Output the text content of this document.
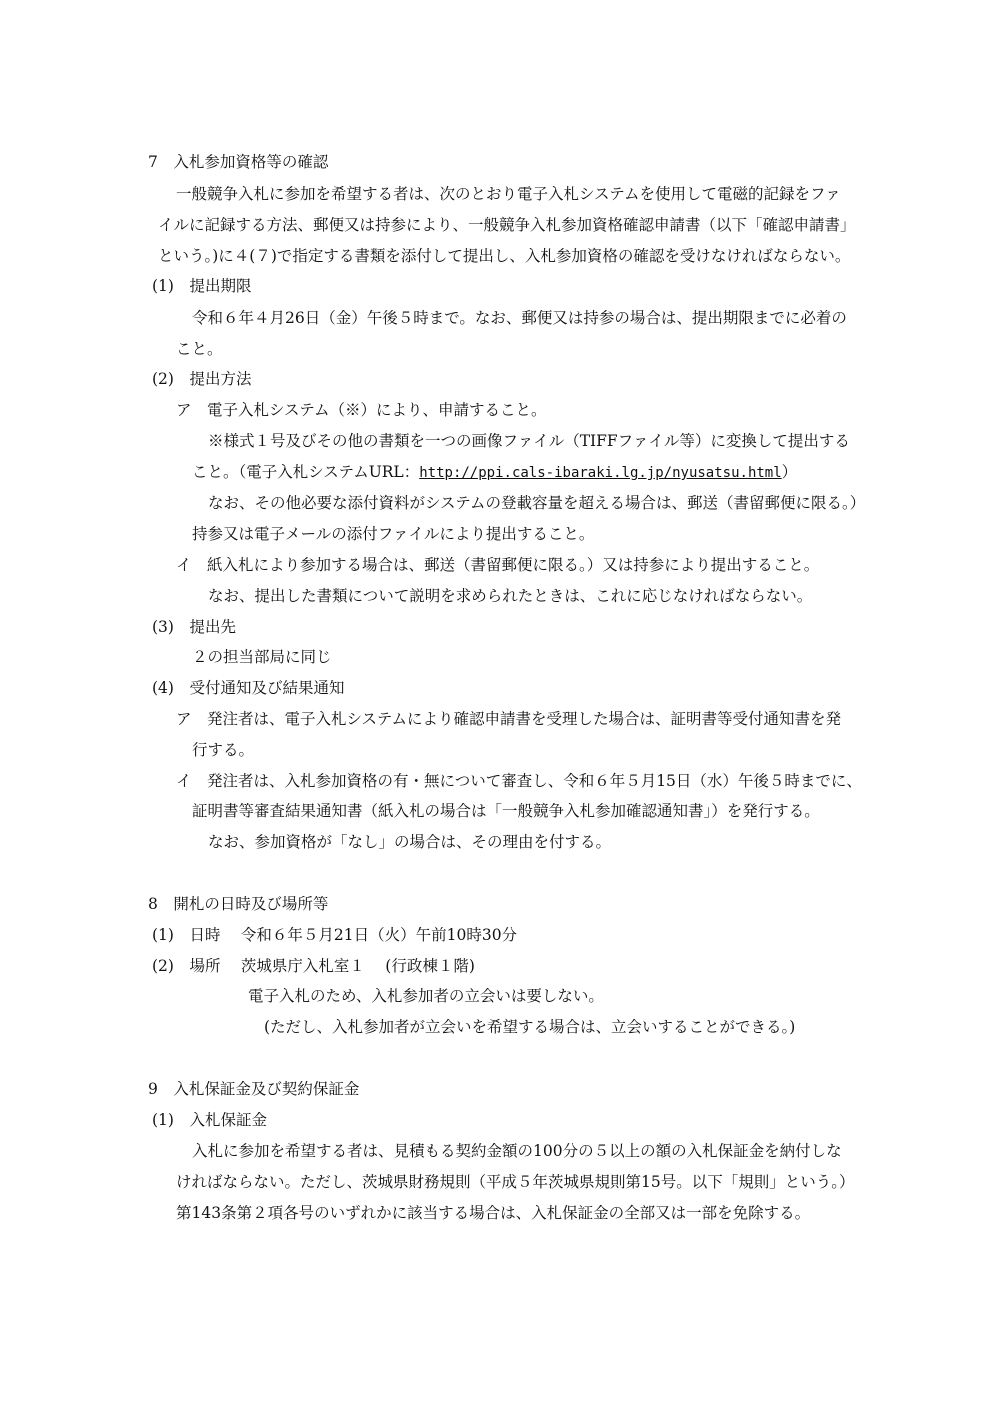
7　入札参加資格等の確認
一般競争入札に参加を希望する者は、次のとおり電子入札システムを使用して電磁的記録をファ
イルに記録する方法、郵便又は持参により、一般競争入札参加資格確認申請書（以下「確認申請書」
という。)に４(７)で指定する書類を添付して提出し、入札参加資格の確認を受けなければならない。
(1)　提出期限
令和６年４月26日（金）午後５時まで。なお、郵便又は持参の場合は、提出期限までに必着の
こと。
(2)　提出方法
ア　電子入札システム（※）により、申請すること。
※様式１号及びその他の書類を一つの画像ファイル（TIFFファイル等）に変換して提出する
こと。（電子入札システムURL：http://ppi.cals-ibaraki.lg.jp/nyusatsu.html）
なお、その他必要な添付資料がシステムの登載容量を超える場合は、郵送（書留郵便に限る。）
持参又は電子メールの添付ファイルにより提出すること。
イ　紙入札により参加する場合は、郵送（書留郵便に限る。）又は持参により提出すること。
なお、提出した書類について説明を求められたときは、これに応じなければならない。
(3)　提出先
２の担当部局に同じ
(4)　受付通知及び結果通知
ア　発注者は、電子入札システムにより確認申請書を受理した場合は、証明書等受付通知書を発
行する。
イ　発注者は、入札参加資格の有・無について審査し、令和６年５月15日（水）午後５時までに、
証明書等審査結果通知書（紙入札の場合は「一般競争入札参加確認通知書」）を発行する。
なお、参加資格が「なし」の場合は、その理由を付する。
8　開札の日時及び場所等
(1)　日時　 令和６年５月21日（火）午前10時30分
(2)　場所　 茨城県庁入札室１　 (行政棟１階)
電子入札のため、入札参加者の立会いは要しない。
(ただし、入札参加者が立会いを希望する場合は、立会いすることができる。)
9　入札保証金及び契約保証金
(1)　入札保証金
入札に参加を希望する者は、見積もる契約金額の100分の５以上の額の入札保証金を納付しな
ければならない。ただし、茨城県財務規則（平成５年茨城県規則第15号。以下「規則」という。）
第143条第２項各号のいずれかに該当する場合は、入札保証金の全部又は一部を免除する。
